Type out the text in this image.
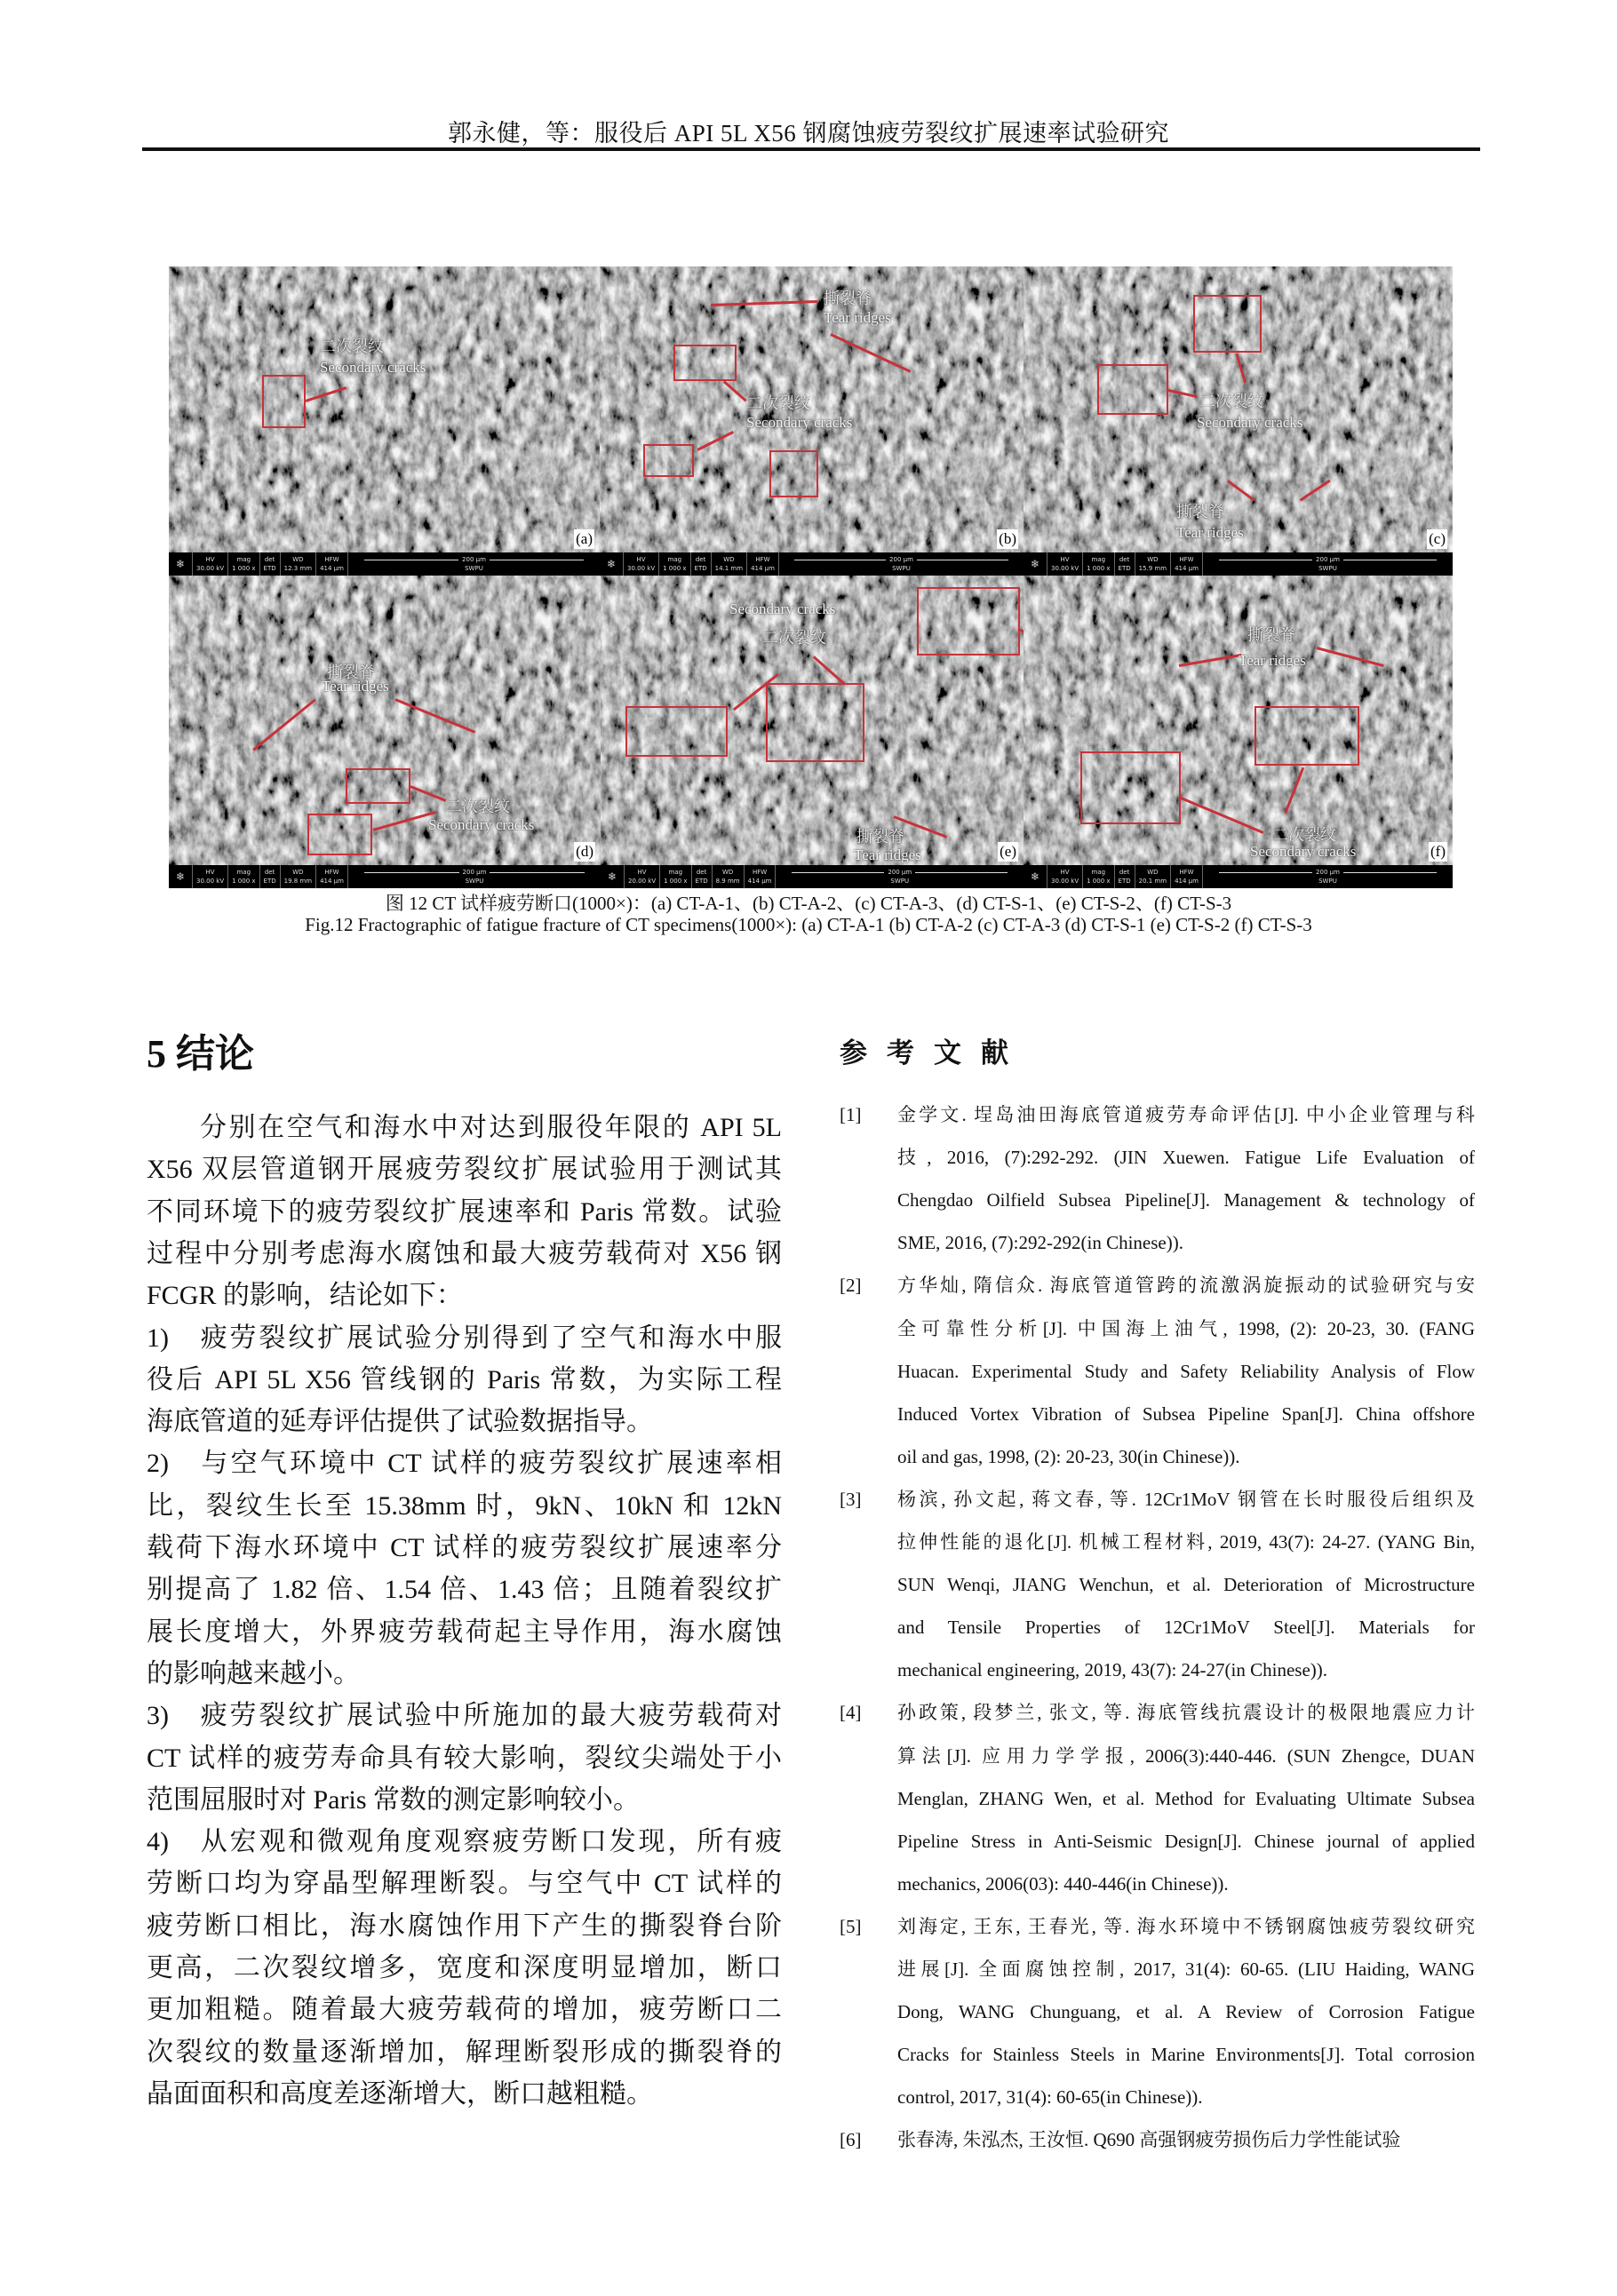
郭永健，等：服役后 API 5L X56 钢腐蚀疲劳裂纹扩展速率试验研究
二次裂纹
Secondary cracks
(a)
❄	HV
30.00 kV
mag
1 000 x
det
ETD
WD
12.3 mm
HFW
414 μm
200 μm
SWPU
撕裂脊
Tear ridges
二次裂纹
Secondary cracks
(b)
❄	HV
30.00 kV
mag
1 000 x
det
ETD
WD
14.1 mm
HFW
414 μm
200 μm
SWPU
二次裂纹
Secondary cracks
撕裂脊
Tear ridges	(c)
❄	HV
30.00 kV
mag
1 000 x
det
ETD
WD
15.9 mm
HFW
414 μm
200 μm
SWPU
撕裂脊
Tear ridges
二次裂纹
Secondary cracks
(d)
❄	HV
30.00 kV
mag
1 000 x
det
ETD
WD
19.8 mm
HFW
414 μm
200 μm
SWPU
Secondary cracks
二次裂纹
撕裂脊
Tear ridges	(e)
❄	HV
20.00 kV
mag
1 000 x
det
ETD
WD
8.9 mm
HFW
414 μm
200 μm
SWPU
撕裂脊
Tear ridges
二次裂纹
Secondary cracks	(f)
❄	HV
30.00 kV
mag
1 000 x
det
ETD
WD
20.1 mm
HFW
414 μm
200 μm
SWPU
图 12 CT 试样疲劳断口(1000×)：(a) CT-A-1、(b) CT-A-2、(c) CT-A-3、(d) CT-S-1、(e) CT-S-2、(f) CT-S-3
Fig.12 Fractographic of fatigue fracture of CT specimens(1000×): (a) CT-A-1 (b) CT-A-2 (c) CT-A-3 (d) CT-S-1 (e) CT-S-2 (f) CT-S-3
5 结论
分别在空气和海水中对达到服役年限的 API 5L
X56 双层管道钢开展疲劳裂纹扩展试验用于测试其
不同环境下的疲劳裂纹扩展速率和 Paris 常数。试验
过程中分别考虑海水腐蚀和最大疲劳载荷对 X56 钢
FCGR 的影响，结论如下：
1)　疲劳裂纹扩展试验分别得到了空气和海水中服
役后 API 5L X56 管线钢的 Paris 常数，为实际工程
海底管道的延寿评估提供了试验数据指导。
2)　与空气环境中 CT 试样的疲劳裂纹扩展速率相
比，裂纹生长至 15.38mm 时，9kN、10kN 和 12kN
载荷下海水环境中 CT 试样的疲劳裂纹扩展速率分
别提高了 1.82 倍、1.54 倍、1.43 倍；且随着裂纹扩
展长度增大，外界疲劳载荷起主导作用，海水腐蚀
的影响越来越小。
3)　疲劳裂纹扩展试验中所施加的最大疲劳载荷对
CT 试样的疲劳寿命具有较大影响，裂纹尖端处于小
范围屈服时对 Paris 常数的测定影响较小。
4)　从宏观和微观角度观察疲劳断口发现，所有疲
劳断口均为穿晶型解理断裂。与空气中 CT 试样的
疲劳断口相比，海水腐蚀作用下产生的撕裂脊台阶
更高，二次裂纹增多，宽度和深度明显增加，断口
更加粗糙。随着最大疲劳载荷的增加，疲劳断口二
次裂纹的数量逐渐增加，解理断裂形成的撕裂脊的
晶面面积和高度差逐渐增大，断口越粗糙。
参考文献
[1] 金学文. 埕岛油田海底管道疲劳寿命评估[J]. 中小企业管理与科
技, 2016, (7):292-292. (JIN Xuewen. Fatigue Life Evaluation of
Chengdao Oilfield Subsea Pipeline[J]. Management & technology of
SME, 2016, (7):292-292(in Chinese)).
[2] 方华灿, 隋信众. 海底管道管跨的流激涡旋振动的试验研究与安
全可靠性分析[J]. 中国海上油气, 1998, (2): 20-23, 30. (FANG
Huacan. Experimental Study and Safety Reliability Analysis of Flow
Induced Vortex Vibration of Subsea Pipeline Span[J]. China offshore
oil and gas, 1998, (2): 20-23, 30(in Chinese)).
[3] 杨滨, 孙文起, 蒋文春, 等. 12Cr1MoV 钢管在长时服役后组织及
拉伸性能的退化[J]. 机械工程材料, 2019, 43(7): 24-27. (YANG Bin,
SUN Wenqi, JIANG Wenchun, et al. Deterioration of Microstructure
and Tensile Properties of 12Cr1MoV Steel[J]. Materials for
mechanical engineering, 2019, 43(7): 24-27(in Chinese)).
[4] 孙政策, 段梦兰, 张文, 等. 海底管线抗震设计的极限地震应力计
算法[J]. 应用力学学报, 2006(3):440-446. (SUN Zhengce, DUAN
Menglan, ZHANG Wen, et al. Method for Evaluating Ultimate Subsea
Pipeline Stress in Anti-Seismic Design[J]. Chinese journal of applied
mechanics, 2006(03): 440-446(in Chinese)).
[5] 刘海定, 王东, 王春光, 等. 海水环境中不锈钢腐蚀疲劳裂纹研究
进展[J]. 全面腐蚀控制, 2017, 31(4): 60-65. (LIU Haiding, WANG
Dong, WANG Chunguang, et al. A Review of Corrosion Fatigue
Cracks for Stainless Steels in Marine Environments[J]. Total corrosion
control, 2017, 31(4): 60-65(in Chinese)).
[6] 张春涛, 朱泓杰, 王汝恒. Q690 高强钢疲劳损伤后力学性能试验
